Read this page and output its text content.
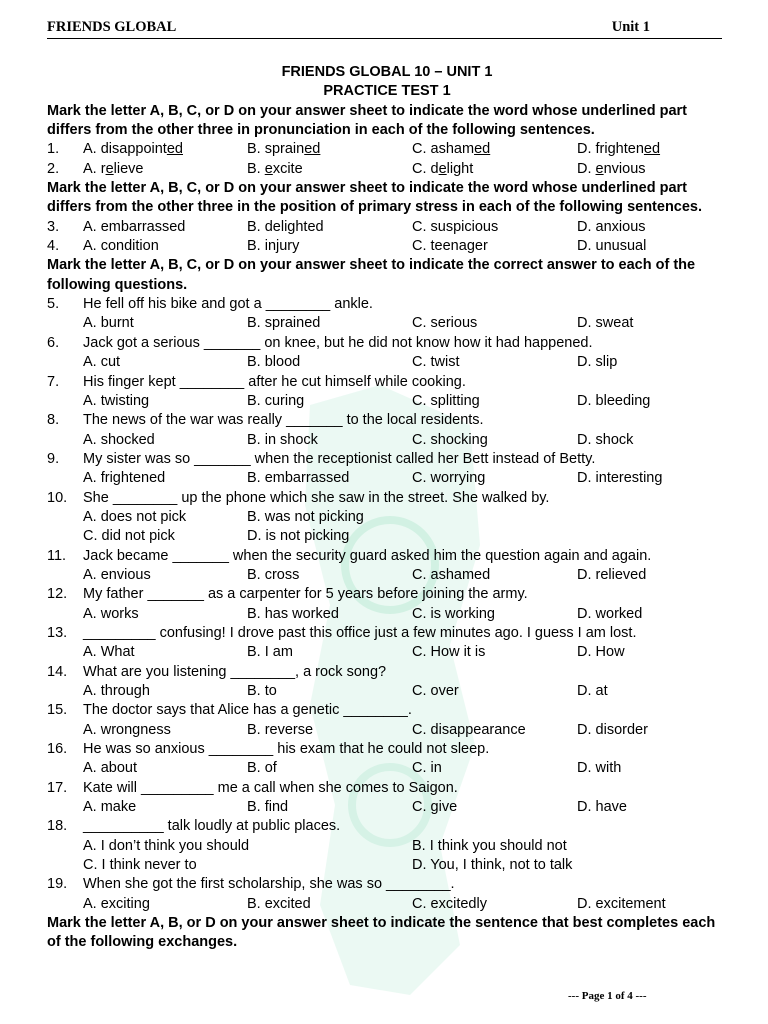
FRIENDS GLOBAL	Unit 1
FRIENDS GLOBAL 10 – UNIT 1
PRACTICE TEST 1
Mark the letter A, B, C, or D on your answer sheet to indicate the word whose underlined part differs from the other three in pronunciation in each of the following sentences.
1. A. disappointed	B. sprained	C. ashamed	D. frightened
2. A. relieve	B. excite	C. delight	D. envious
Mark the letter A, B, C, or D on your answer sheet to indicate the word whose underlined part differs from the other three in the position of primary stress in each of the following sentences.
3. A. embarrassed	B. delighted	C. suspicious	D. anxious
4. A. condition	B. injury	C. teenager	D. unusual
Mark the letter A, B, C, or D on your answer sheet to indicate the correct answer to each of the following questions.
5. He fell off his bike and got a ________ ankle.
A. burnt	B. sprained	C. serious	D. sweat
6. Jack got a serious _______ on knee, but he did not know how it had happened.
A. cut	B. blood	C. twist	D. slip
7. His finger kept ________ after he cut himself while cooking.
A. twisting	B. curing	C. splitting	D. bleeding
8. The news of the war was really _______ to the local residents.
A. shocked	B. in shock	C. shocking	D. shock
9. My sister was so _______ when the receptionist called her Bett instead of Betty.
A. frightened	B. embarrassed	C. worrying	D. interesting
10. She ________ up the phone which she saw in the street. She walked by.
A. does not pick	B. was not picking
C. did not pick	D. is not picking
11. Jack became _______ when the security guard asked him the question again and again.
A. envious	B. cross	C. ashamed	D. relieved
12. My father _______ as a carpenter for 5 years before joining the army.
A. works	B. has worked	C. is working	D. worked
13. _________ confusing! I drove past this office just a few minutes ago. I guess I am lost.
A. What	B. I am	C. How it is	D. How
14. What are you listening ________, a rock song?
A. through	B. to	C. over	D. at
15. The doctor says that Alice has a genetic ________.
A. wrongness	B. reverse	C. disappearance	D. disorder
16. He was so anxious ________ his exam that he could not sleep.
A. about	B. of	C. in	D. with
17. Kate will _________ me a call when she comes to Saigon.
A. make	B. find	C. give	D. have
18. __________ talk loudly at public places.
A. I don’t think you should	B. I think you should not
C. I think never to	D. You, I think, not to talk
19. When she got the first scholarship, she was so ________.
A. exciting	B. excited	C. excitedly	D. excitement
Mark the letter A, B, or D on your answer sheet to indicate the sentence that best completes each of the following exchanges.
--- Page 1 of 4 ---
